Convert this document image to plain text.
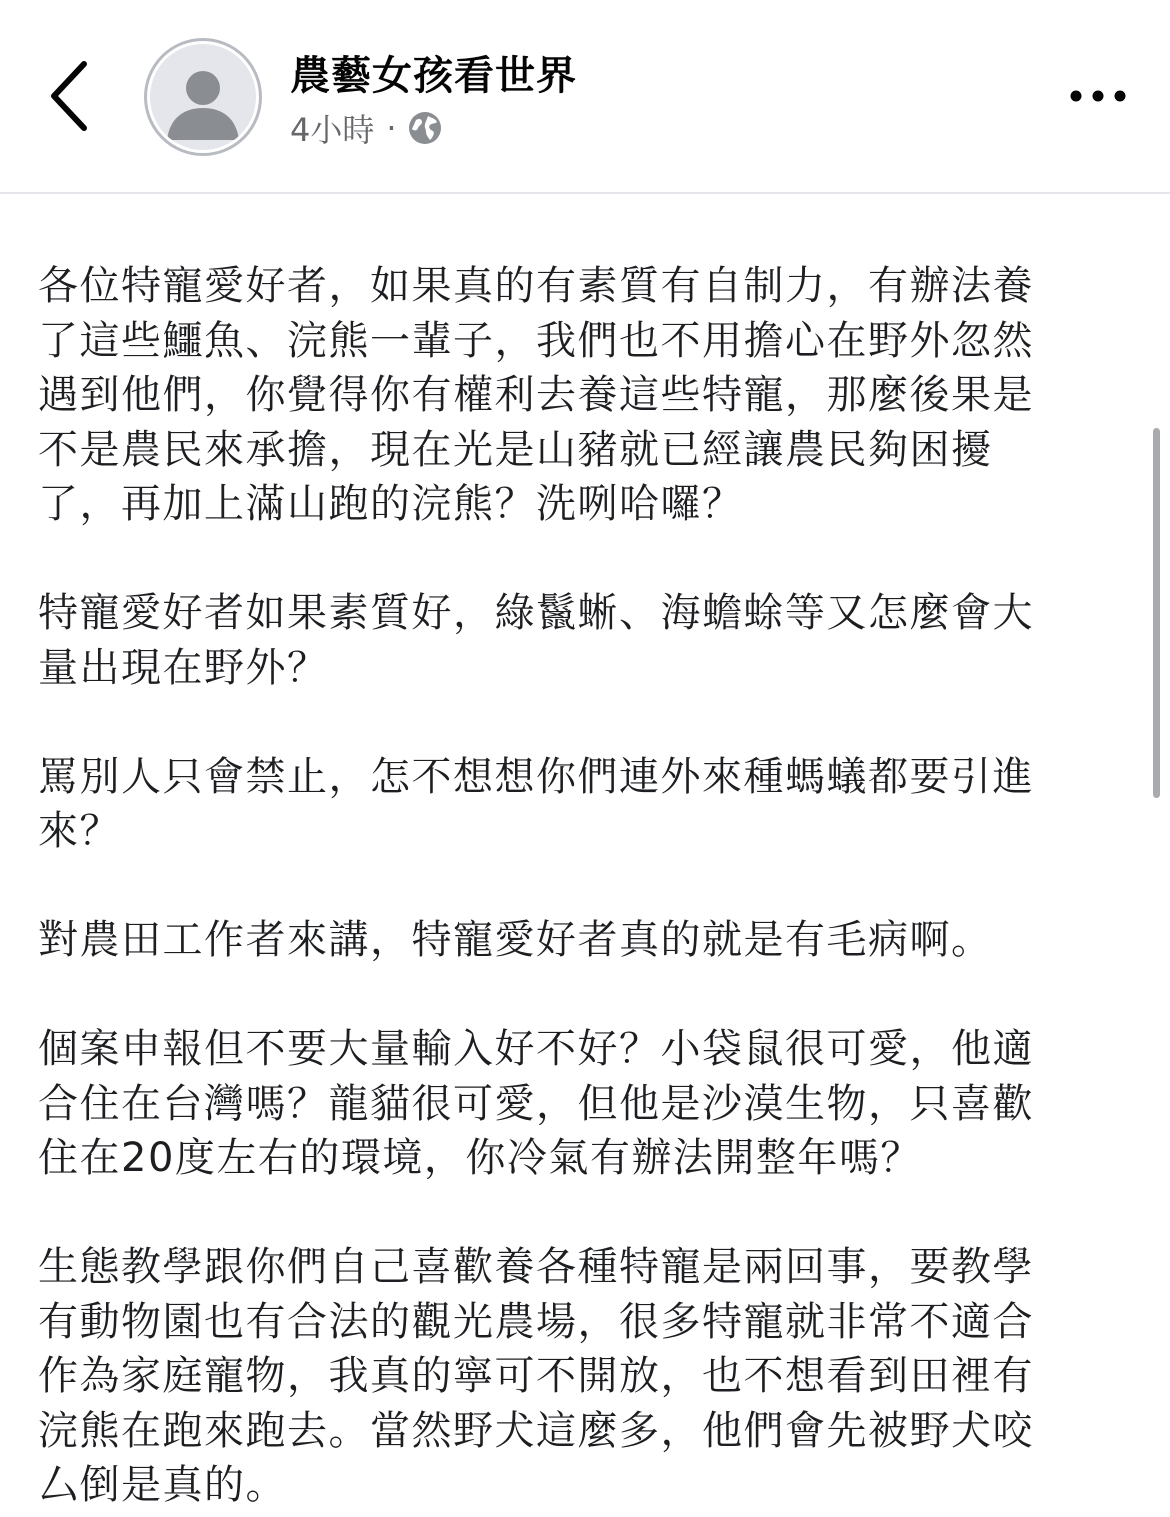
農藝女孩看世界
4小時 ·

各位特寵愛好者，如果真的有素質有自制力，有辦法養
了這些鱷魚、浣熊一輩子，我們也不用擔心在野外忽然
遇到他們，你覺得你有權利去養這些特寵，那麼後果是
不是農民來承擔，現在光是山豬就已經讓農民夠困擾
了，再加上滿山跑的浣熊？洗咧哈囉？

特寵愛好者如果素質好，綠鬣蜥、海蟾蜍等又怎麼會大
量出現在野外？

罵別人只會禁止，怎不想想你們連外來種螞蟻都要引進
來？

對農田工作者來講，特寵愛好者真的就是有毛病啊。

個案申報但不要大量輸入好不好？小袋鼠很可愛，他適
合住在台灣嗎？龍貓很可愛，但他是沙漠生物，只喜歡
住在20度左右的環境，你冷氣有辦法開整年嗎？

生態教學跟你們自己喜歡養各種特寵是兩回事，要教學
有動物園也有合法的觀光農場，很多特寵就非常不適合
作為家庭寵物，我真的寧可不開放，也不想看到田裡有
浣熊在跑來跑去。當然野犬這麼多，他們會先被野犬咬
厶倒是真的。
